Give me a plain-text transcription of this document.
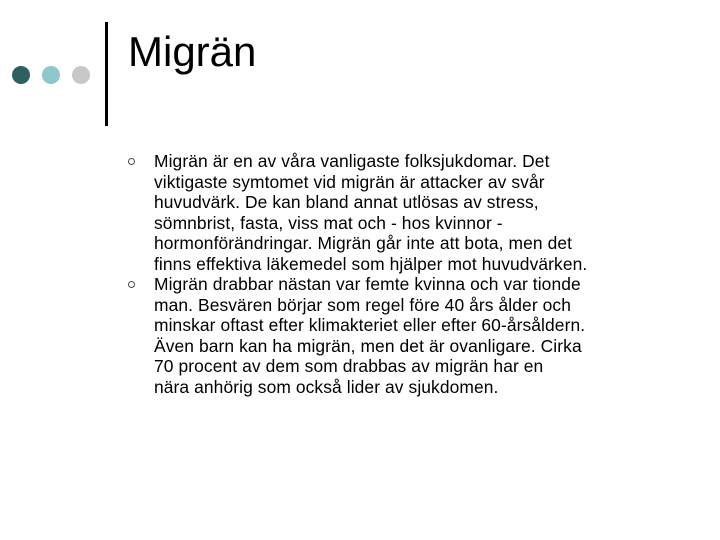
Migrän
Migrän är en av våra vanligaste folksjukdomar. Det
viktigaste symtomet vid migrän är attacker av svår
huvudvärk. De kan bland annat utlösas av stress,
sömnbrist, fasta, viss mat och - hos kvinnor -
hormonförändringar. Migrän går inte att bota, men det
finns effektiva läkemedel som hjälper mot huvudvärken.
Migrän drabbar nästan var femte kvinna och var tionde
man. Besvären börjar som regel före 40 års ålder och
minskar oftast efter klimakteriet eller efter 60-årsåldern.
Även barn kan ha migrän, men det är ovanligare. Cirka
70 procent av dem som drabbas av migrän har en
nära anhörig som också lider av sjukdomen.
